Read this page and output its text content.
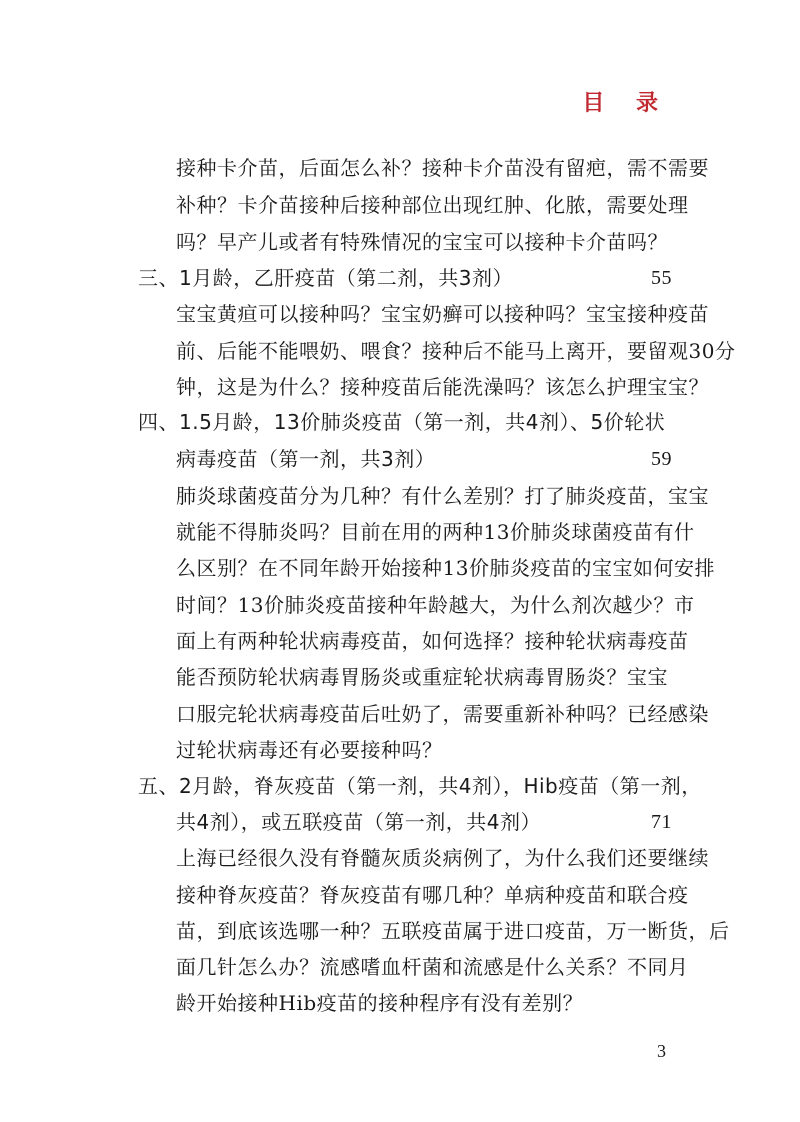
目 录
接种卡介苗，后面怎么补？接种卡介苗没有留疤，需不需要
补种？卡介苗接种后接种部位出现红肿、化脓，需要处理
吗？早产儿或者有特殊情况的宝宝可以接种卡介苗吗？
三、1月龄，乙肝疫苗（第二剂，共3剂）	55
宝宝黄疸可以接种吗？宝宝奶癣可以接种吗？宝宝接种疫苗
前、后能不能喂奶、喂食？接种后不能马上离开，要留观30分
钟，这是为什么？接种疫苗后能洗澡吗？该怎么护理宝宝？
四、1.5月龄，13价肺炎疫苗（第一剂，共4剂）、5价轮状
病毒疫苗（第一剂，共3剂）	59
肺炎球菌疫苗分为几种？有什么差别？打了肺炎疫苗，宝宝
就能不得肺炎吗？目前在用的两种13价肺炎球菌疫苗有什
么区别？在不同年龄开始接种13价肺炎疫苗的宝宝如何安排
时间？13价肺炎疫苗接种年龄越大，为什么剂次越少？市
面上有两种轮状病毒疫苗，如何选择？接种轮状病毒疫苗
能否预防轮状病毒胃肠炎或重症轮状病毒胃肠炎？宝宝
口服完轮状病毒疫苗后吐奶了，需要重新补种吗？已经感染
过轮状病毒还有必要接种吗？
五、2月龄，脊灰疫苗（第一剂，共4剂），Hib疫苗（第一剂，
共4剂），或五联疫苗（第一剂，共4剂）	71
上海已经很久没有脊髓灰质炎病例了，为什么我们还要继续
接种脊灰疫苗？脊灰疫苗有哪几种？单病种疫苗和联合疫
苗，到底该选哪一种？五联疫苗属于进口疫苗，万一断货，后
面几针怎么办？流感嗜血杆菌和流感是什么关系？不同月
龄开始接种Hib疫苗的接种程序有没有差别？
3
